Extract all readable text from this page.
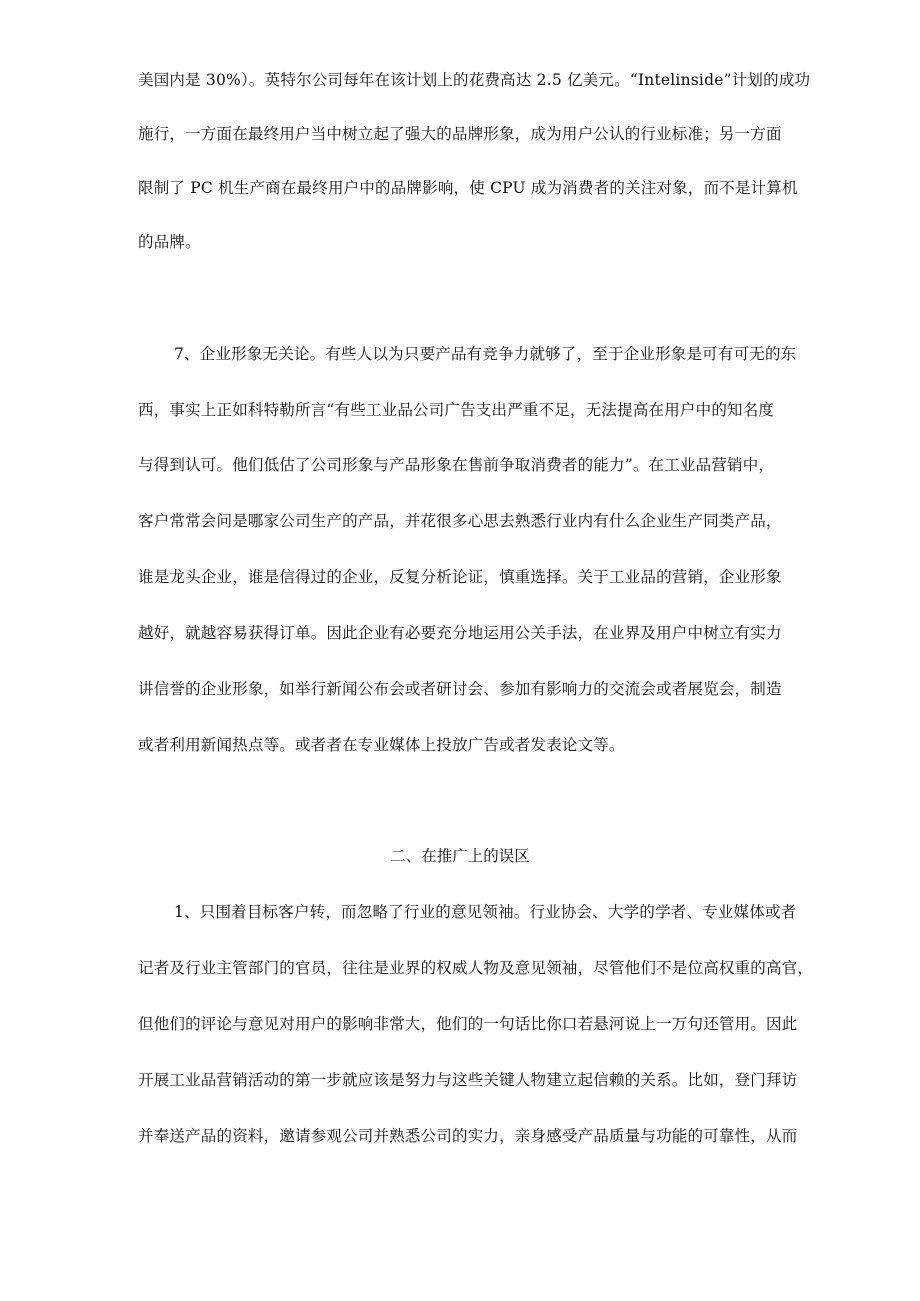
美国内是 30%）。英特尔公司每年在该计划上的花费高达 2.5 亿美元。“Intelinside”计划的成功
施行，一方面在最终用户当中树立起了强大的品牌形象，成为用户公认的行业标准；另一方面
限制了 PC 机生产商在最终用户中的品牌影响，使 CPU 成为消费者的关注对象，而不是计算机
的品牌。
7、企业形象无关论。有些人以为只要产品有竞争力就够了，至于企业形象是可有可无的东
西，事实上正如科特勒所言“有些工业品公司广告支出严重不足，无法提高在用户中的知名度
与得到认可。他们低估了公司形象与产品形象在售前争取消费者的能力”。在工业品营销中，
客户常常会问是哪家公司生产的产品，并花很多心思去熟悉行业内有什么企业生产同类产品，
谁是龙头企业，谁是信得过的企业，反复分析论证，慎重选择。关于工业品的营销，企业形象
越好，就越容易获得订单。因此企业有必要充分地运用公关手法，在业界及用户中树立有实力
讲信誉的企业形象，如举行新闻公布会或者研讨会、参加有影响力的交流会或者展览会，制造
或者利用新闻热点等。或者者在专业媒体上投放广告或者发表论文等。
二、在推广上的误区
1、只围着目标客户转，而忽略了行业的意见领袖。行业协会、大学的学者、专业媒体或者
记者及行业主管部门的官员，往往是业界的权威人物及意见领袖，尽管他们不是位高权重的高官，
但他们的评论与意见对用户的影响非常大，他们的一句话比你口若悬河说上一万句还管用。因此
开展工业品营销活动的第一步就应该是努力与这些关键人物建立起信赖的关系。比如，登门拜访
并奉送产品的资料，邀请参观公司并熟悉公司的实力，亲身感受产品质量与功能的可靠性，从而
